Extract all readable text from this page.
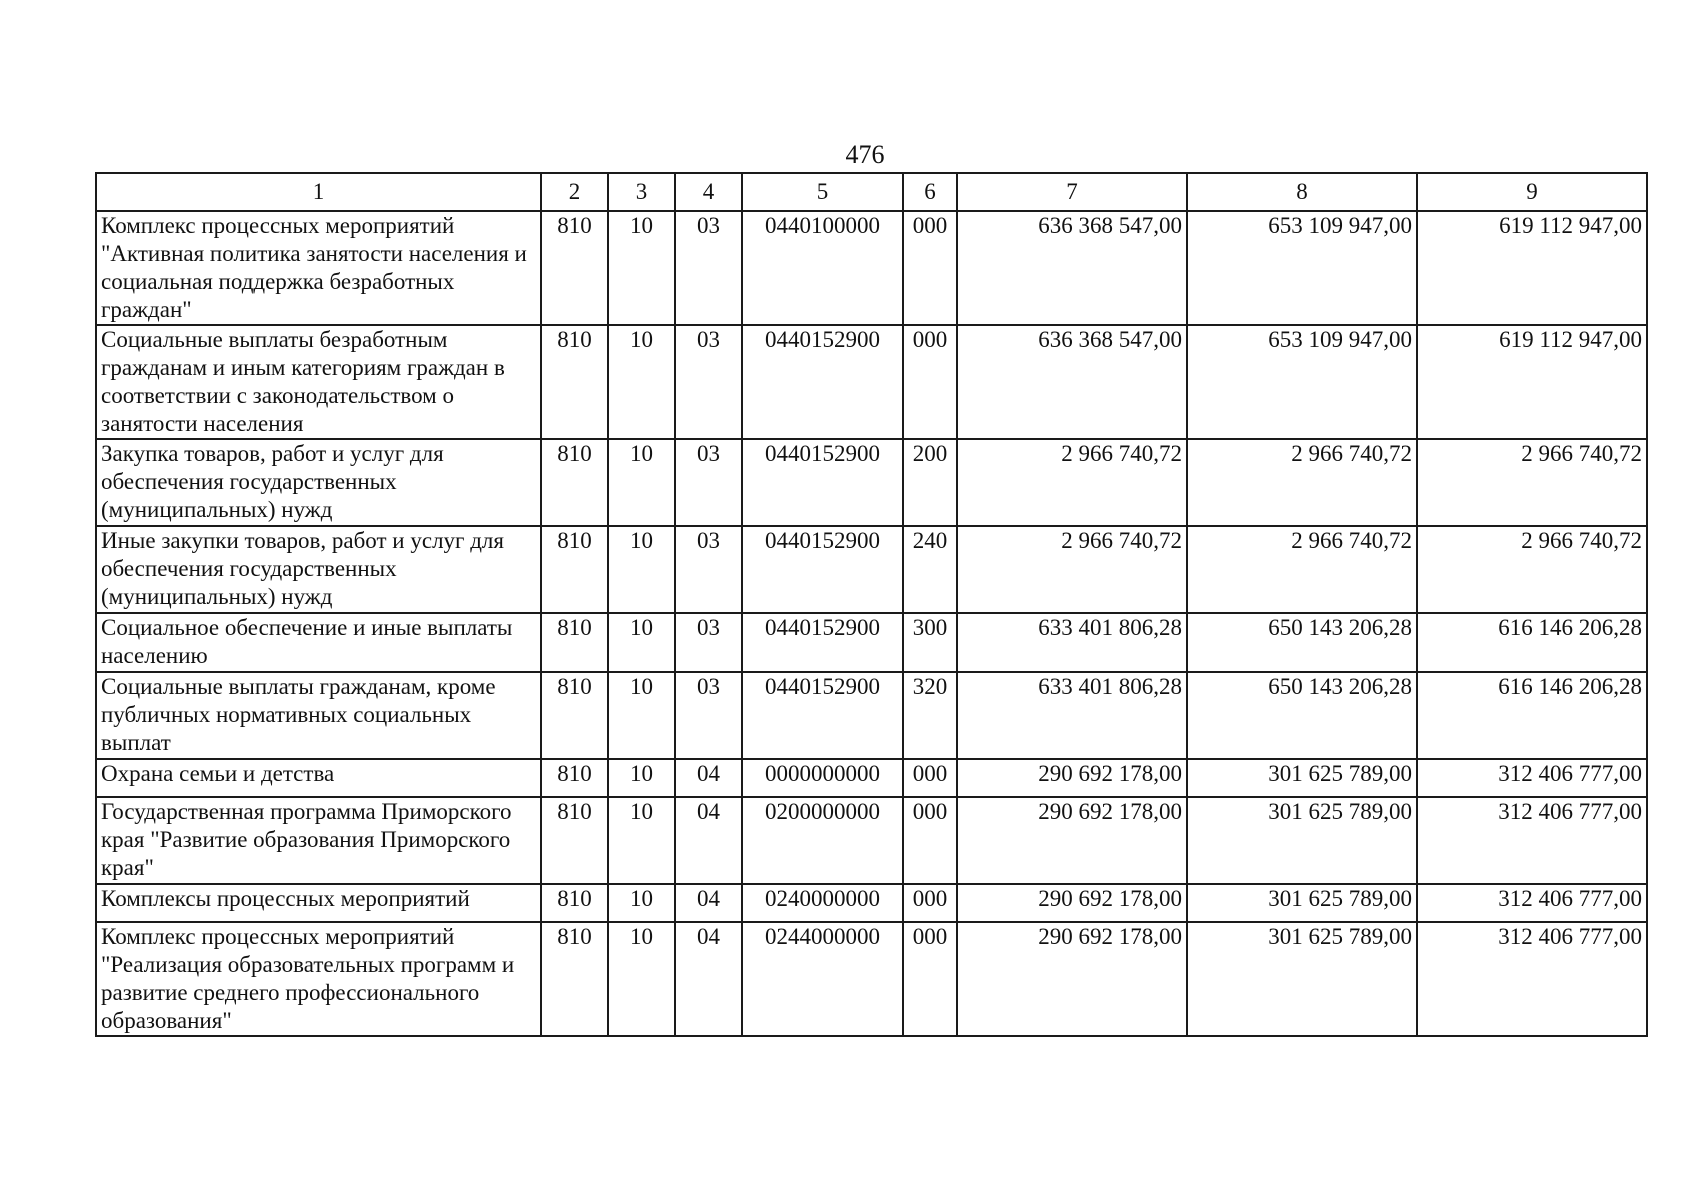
476
1	2	3	4	5	6	7	8	9
Комплекс процессных мероприятий "Активная политика занятости населения и социальная поддержка безработных граждан"	810	10	03	0440100000	000	636 368 547,00	653 109 947,00	619 112 947,00
Социальные выплаты безработным гражданам и иным категориям граждан в соответствии с законодательством о занятости населения	810	10	03	0440152900	000	636 368 547,00	653 109 947,00	619 112 947,00
Закупка товаров, работ и услуг для обеспечения государственных (муниципальных) нужд	810	10	03	0440152900	200	2 966 740,72	2 966 740,72	2 966 740,72
Иные закупки товаров, работ и услуг для обеспечения государственных (муниципальных) нужд	810	10	03	0440152900	240	2 966 740,72	2 966 740,72	2 966 740,72
Социальное обеспечение и иные выплаты населению	810	10	03	0440152900	300	633 401 806,28	650 143 206,28	616 146 206,28
Социальные выплаты гражданам, кроме публичных нормативных социальных выплат	810	10	03	0440152900	320	633 401 806,28	650 143 206,28	616 146 206,28
Охрана семьи и детства	810	10	04	0000000000	000	290 692 178,00	301 625 789,00	312 406 777,00
Государственная программа Приморского края "Развитие образования Приморского края"	810	10	04	0200000000	000	290 692 178,00	301 625 789,00	312 406 777,00
Комплексы процессных мероприятий	810	10	04	0240000000	000	290 692 178,00	301 625 789,00	312 406 777,00
Комплекс процессных мероприятий "Реализация образовательных программ и развитие среднего профессионального образования"	810	10	04	0244000000	000	290 692 178,00	301 625 789,00	312 406 777,00
